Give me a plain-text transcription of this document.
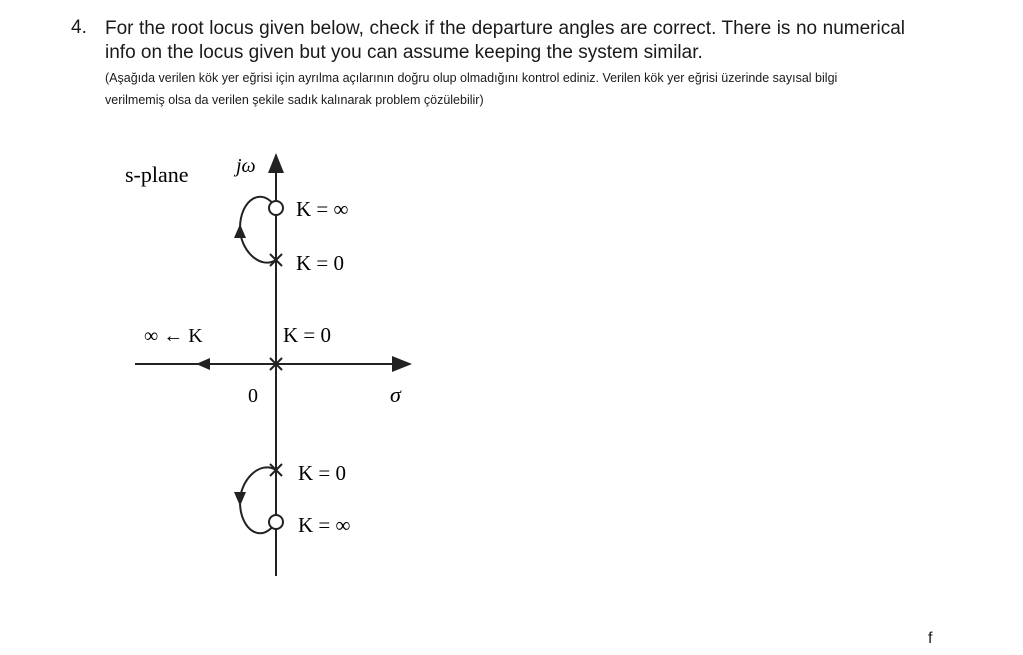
4. For the root locus given below, check if the departure angles are correct. There is no numerical info on the locus given but you can assume keeping the system similar.
(Aşağıda verilen kök yer eğrisi için ayrılma açılarının doğru olup olmadığını kontrol ediniz. Verilen kök yer eğrisi üzerinde sayısal bilgi verilmemiş olsa da verilen şekile sadık kalınarak problem çözülebilir)
s-plane jω
K = ∞
K = 0
∞ ← K	K = 0
0	σ
K = 0
K = ∞
f
